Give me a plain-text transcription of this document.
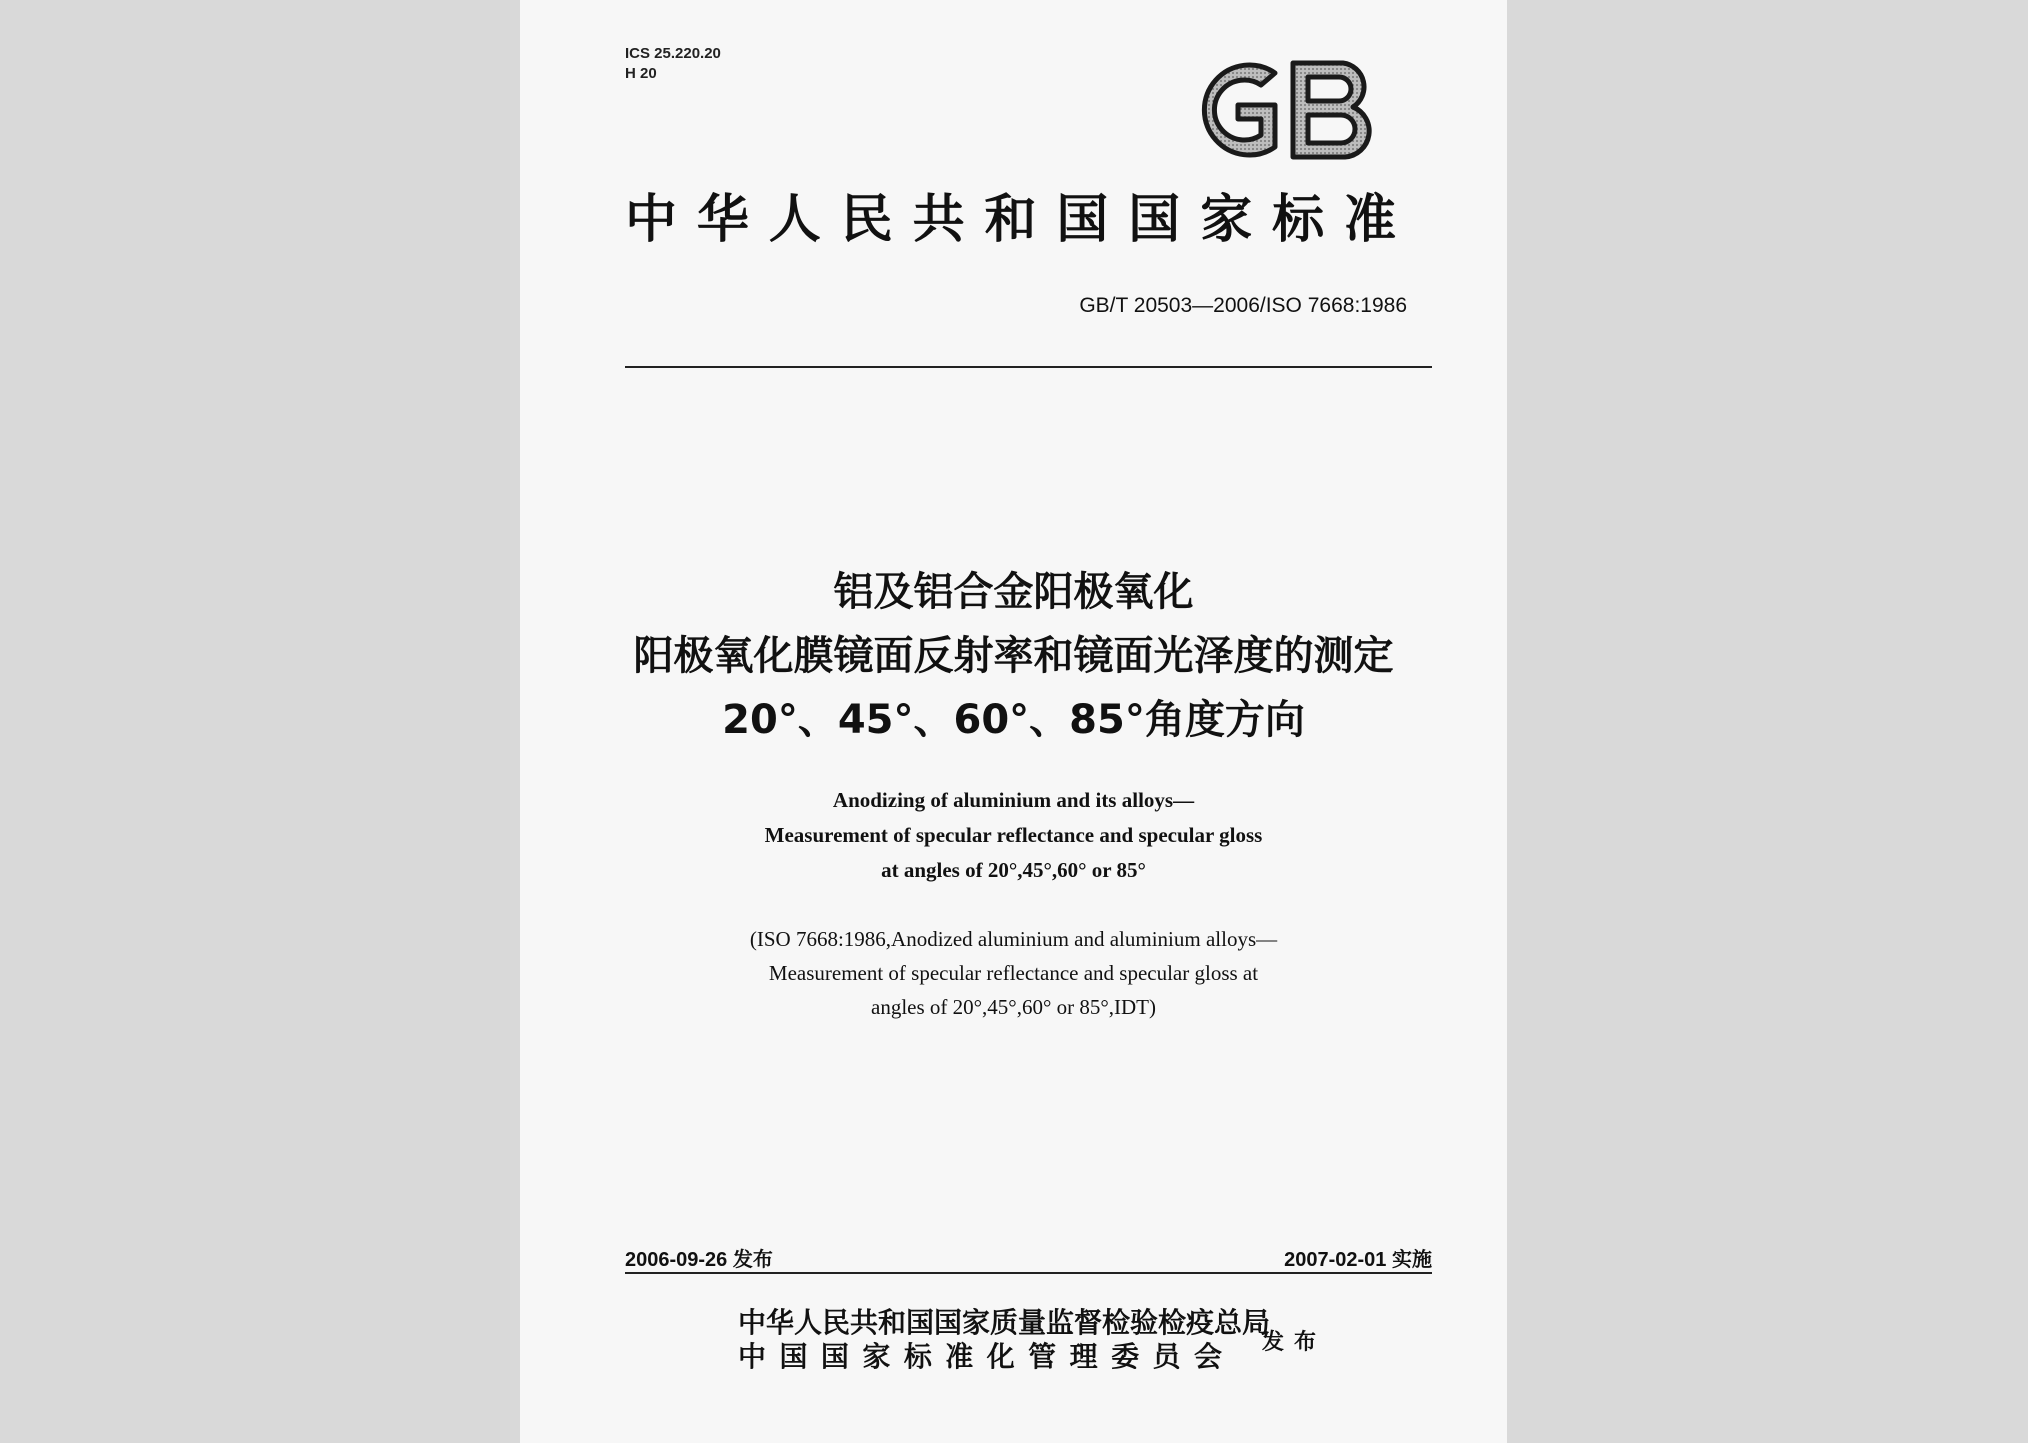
ICS 25.220.20
H 20
中华人民共和国国家标准
GB/T 20503—2006/ISO 7668:1986
铝及铝合金阳极氧化
阳极氧化膜镜面反射率和镜面光泽度的测定
20°、45°、60°、85°角度方向
Anodizing of aluminium and its alloys—
Measurement of specular reflectance and specular gloss
at angles of 20°,45°,60° or 85°
(ISO 7668:1986,Anodized aluminium and aluminium alloys—
Measurement of specular reflectance and specular gloss at
angles of 20°,45°,60° or 85°,IDT)
2006-09-26 发布	2007-02-01 实施
中华人民共和国国家质量监督检验检疫总局
中国国家标准化管理委员会 发布
